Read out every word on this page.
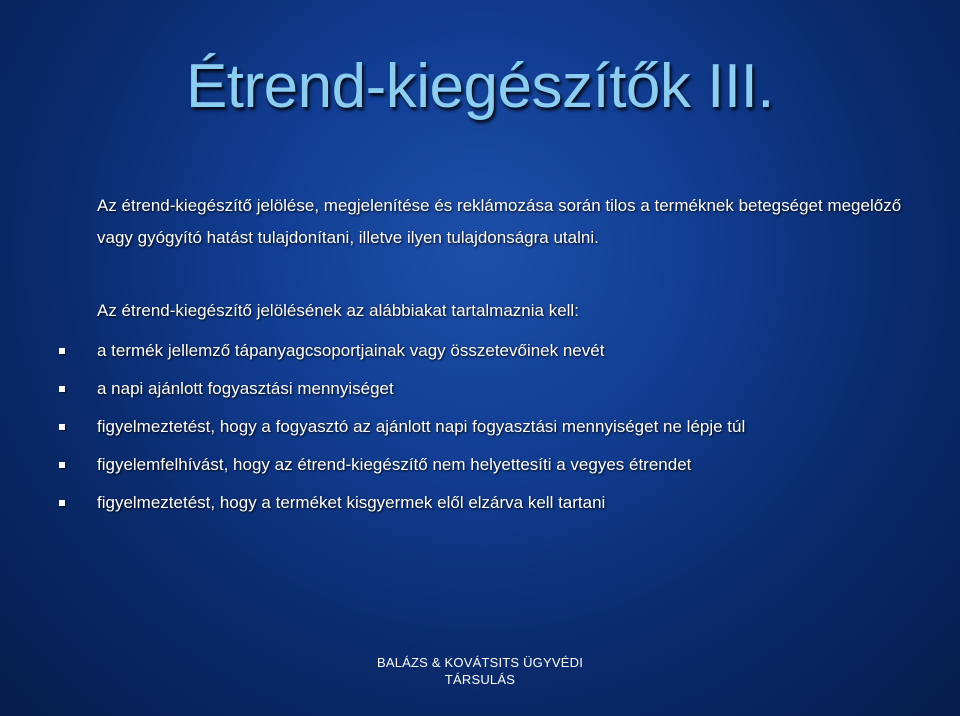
Étrend-kiegészítők III.
Az étrend-kiegészítő jelölése, megjelenítése és reklámozása során tilos a terméknek betegséget megelőző vagy gyógyító hatást tulajdonítani, illetve ilyen tulajdonságra utalni.
Az étrend-kiegészítő jelölésének az alábbiakat tartalmaznia kell:
a termék jellemző tápanyagcsoportjainak vagy összetevőinek nevét
a napi ajánlott fogyasztási mennyiséget
figyelmeztetést, hogy a fogyasztó az ajánlott napi fogyasztási mennyiséget ne lépje túl
figyelemfelhívást, hogy az étrend-kiegészítő nem helyettesíti a vegyes étrendet
figyelmeztetést, hogy a terméket kisgyermek elől elzárva kell tartani
BALÁZS & KOVÁTSITS ÜGYVÉDI
TÁRSULÁS
